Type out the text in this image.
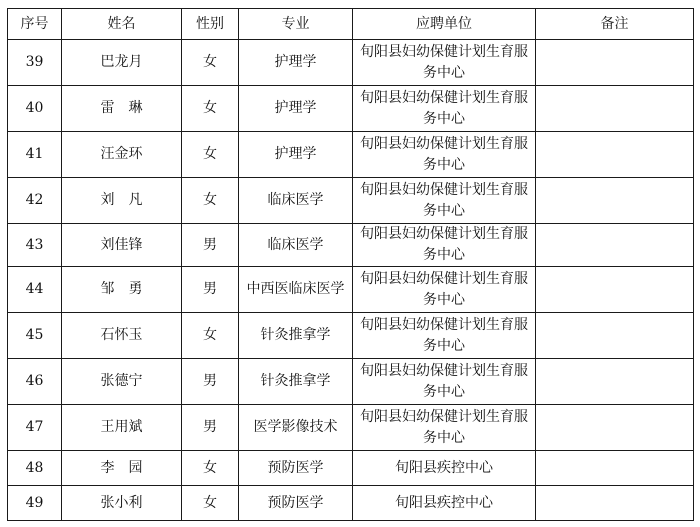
序号	姓名	性别	专业	应聘单位	备注
39	巴龙月	女	护理学	旬阳县妇幼保健计划生育服务中心	
40	雷　琳	女	护理学	旬阳县妇幼保健计划生育服务中心	
41	汪金环	女	护理学	旬阳县妇幼保健计划生育服务中心	
42	刘　凡	女	临床医学	旬阳县妇幼保健计划生育服务中心	
43	刘佳锋	男	临床医学	旬阳县妇幼保健计划生育服务中心	
44	邹　勇	男	中西医临床医学	旬阳县妇幼保健计划生育服务中心	
45	石怀玉	女	针灸推拿学	旬阳县妇幼保健计划生育服务中心	
46	张德宁	男	针灸推拿学	旬阳县妇幼保健计划生育服务中心	
47	王用斌	男	医学影像技术	旬阳县妇幼保健计划生育服务中心	
48	李　园	女	预防医学	旬阳县疾控中心	
49	张小利	女	预防医学	旬阳县疾控中心	
